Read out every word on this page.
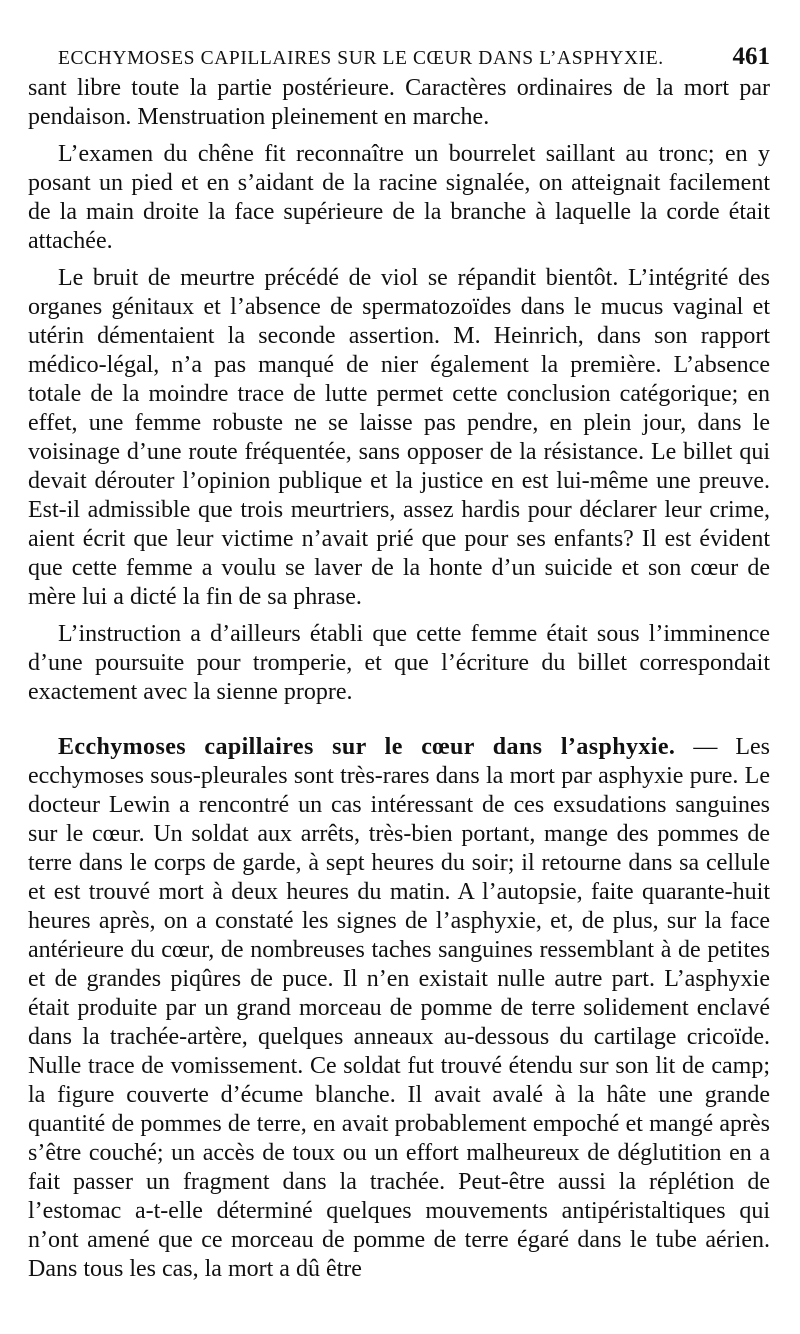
ECCHYMOSES CAPILLAIRES SUR LE CŒUR DANS L’ASPHYXIE.	461

sant libre toute la partie postérieure. Caractères ordinaires de la mort par pendaison. Menstruation pleinement en marche.

L’examen du chêne fit reconnaître un bourrelet saillant au tronc; en y posant un pied et en s’aidant de la racine signalée, on atteignait facilement de la main droite la face supérieure de la branche à laquelle la corde était attachée.

Le bruit de meurtre précédé de viol se répandit bientôt. L’intégrité des organes génitaux et l’absence de spermatozoïdes dans le mucus vaginal et utérin démentaient la seconde assertion. M. Heinrich, dans son rapport médico-légal, n’a pas manqué de nier également la première. L’absence totale de la moindre trace de lutte permet cette conclusion catégorique; en effet, une femme robuste ne se laisse pas pendre, en plein jour, dans le voisinage d’une route fréquentée, sans opposer de la résistance. Le billet qui devait dérouter l’opinion publique et la justice en est lui-même une preuve. Est-il admissible que trois meurtriers, assez hardis pour déclarer leur crime, aient écrit que leur victime n’avait prié que pour ses enfants? Il est évident que cette femme a voulu se laver de la honte d’un suicide et son cœur de mère lui a dicté la fin de sa phrase.

L’instruction a d’ailleurs établi que cette femme était sous l’imminence d’une poursuite pour tromperie, et que l’écriture du billet correspondait exactement avec la sienne propre.

Ecchymoses capillaires sur le cœur dans l’asphyxie. — Les ecchymoses sous-pleurales sont très-rares dans la mort par asphyxie pure. Le docteur Lewin a rencontré un cas intéressant de ces exsudations sanguines sur le cœur. Un soldat aux arrêts, très-bien portant, mange des pommes de terre dans le corps de garde, à sept heures du soir; il retourne dans sa cellule et est trouvé mort à deux heures du matin. A l’autopsie, faite quarante-huit heures après, on a constaté les signes de l’asphyxie, et, de plus, sur la face antérieure du cœur, de nombreuses taches sanguines ressemblant à de petites et de grandes piqûres de puce. Il n’en existait nulle autre part. L’asphyxie était produite par un grand morceau de pomme de terre solidement enclavé dans la trachée-artère, quelques anneaux au-dessous du cartilage cricoïde. Nulle trace de vomissement. Ce soldat fut trouvé étendu sur son lit de camp; la figure couverte d’écume blanche. Il avait avalé à la hâte une grande quantité de pommes de terre, en avait probablement empoché et mangé après s’être couché; un accès de toux ou un effort malheureux de déglutition en a fait passer un fragment dans la trachée. Peut-être aussi la réplétion de l’estomac a-t-elle déterminé quelques mouvements antipéristaltiques qui n’ont amené que ce morceau de pomme de terre égaré dans le tube aérien. Dans tous les cas, la mort a dû être
